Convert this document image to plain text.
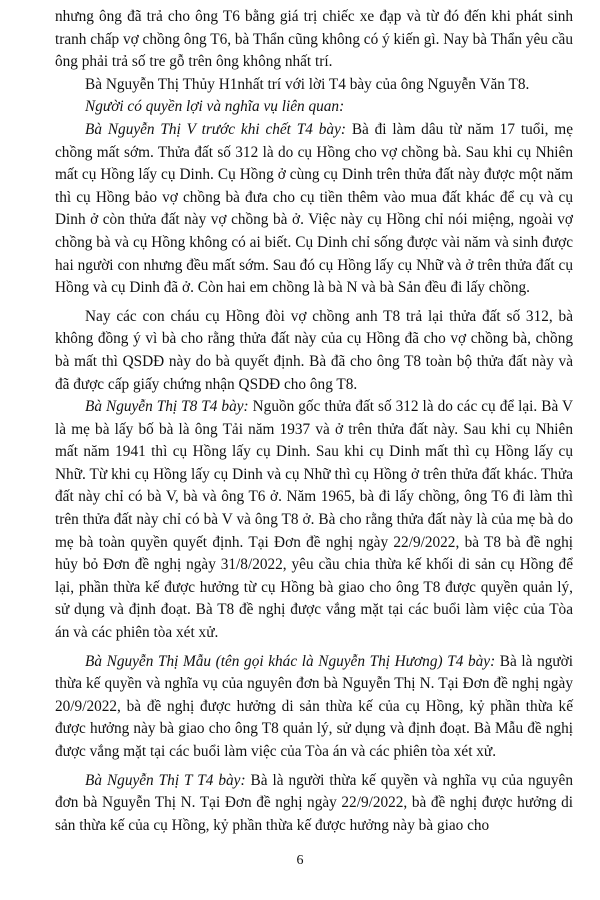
nhưng ông đã trả cho ông T6 bằng giá trị chiếc xe đạp và từ đó đến khi phát sinh tranh chấp vợ chồng ông T6, bà Thẩn cũng không có ý kiến gì. Nay bà Thẩn yêu cầu ông phải trả số tre gỗ trên ông không nhất trí.

Bà Nguyễn Thị Thủy H1nhất trí với lời T4 bày của ông Nguyễn Văn T8.

Người có quyền lợi và nghĩa vụ liên quan:

Bà Nguyễn Thị V trước khi chết T4 bày: Bà đi làm dâu từ năm 17 tuổi, mẹ chồng mất sớm. Thửa đất số 312 là do cụ Hồng cho vợ chồng bà. Sau khi cụ Nhiên mất cụ Hồng lấy cụ Dinh. Cụ Hồng ở cùng cụ Dinh trên thửa đất này được một năm thì cụ Hồng bảo vợ chồng bà đưa cho cụ tiền thêm vào mua đất khác để cụ và cụ Dinh ở còn thửa đất này vợ chồng bà ở. Việc này cụ Hồng chỉ nói miệng, ngoài vợ chồng bà và cụ Hồng không có ai biết. Cụ Dinh chỉ sống được vài năm và sinh được hai người con nhưng đều mất sớm. Sau đó cụ Hồng lấy cụ Nhữ và ở trên thửa đất cụ Hồng và cụ Dinh đã ở. Còn hai em chồng là bà N và bà Sản đều đi lấy chồng.

Nay các con cháu cụ Hồng đòi vợ chồng anh T8 trả lại thửa đất số 312, bà không đồng ý vì bà cho rằng thửa đất này của cụ Hồng đã cho vợ chồng bà, chồng bà mất thì QSDĐ này do bà quyết định. Bà đã cho ông T8 toàn bộ thửa đất này và đã được cấp giấy chứng nhận QSDĐ cho ông T8.

Bà Nguyễn Thị T8 T4 bày: Nguồn gốc thửa đất số 312 là do các cụ để lại. Bà V là mẹ bà lấy bố bà là ông Tải năm 1937 và ở trên thửa đất này. Sau khi cụ Nhiên mất năm 1941 thì cụ Hồng lấy cụ Dinh. Sau khi cụ Dinh mất thì cụ Hồng lấy cụ Nhữ. Từ khi cụ Hồng lấy cụ Dinh và cụ Nhữ thì cụ Hồng ở trên thửa đất khác. Thửa đất này chỉ có bà V, bà và ông T6 ở. Năm 1965, bà đi lấy chồng, ông T6 đi làm thì trên thửa đất này chỉ có bà V và ông T8 ở. Bà cho rằng thửa đất này là của mẹ bà do mẹ bà toàn quyền quyết định. Tại Đơn đề nghị ngày 22/9/2022, bà T8 bà đề nghị hủy bỏ Đơn đề nghị ngày 31/8/2022, yêu cầu chia thừa kế khối di sản cụ Hồng để lại, phần thừa kế được hưởng từ cụ Hồng bà giao cho ông T8 được quyền quản lý, sử dụng và định đoạt. Bà T8 đề nghị được vắng mặt tại các buổi làm việc của Tòa án và các phiên tòa xét xử.

Bà Nguyễn Thị Mẫu (tên gọi khác là Nguyễn Thị Hương) T4 bày: Bà là người thừa kế quyền và nghĩa vụ của nguyên đơn bà Nguyễn Thị N. Tại Đơn đề nghị ngày 20/9/2022, bà đề nghị được hưởng di sản thừa kế của cụ Hồng, kỷ phần thừa kế được hưởng này bà giao cho ông T8 quản lý, sử dụng và định đoạt. Bà Mẫu đề nghị được vắng mặt tại các buổi làm việc của Tòa án và các phiên tòa xét xử.

Bà Nguyễn Thị T T4 bày: Bà là người thừa kế quyền và nghĩa vụ của nguyên đơn bà Nguyễn Thị N. Tại Đơn đề nghị ngày 22/9/2022, bà đề nghị được hưởng di sản thừa kế của cụ Hồng, kỷ phần thừa kế được hưởng này bà giao cho

6
